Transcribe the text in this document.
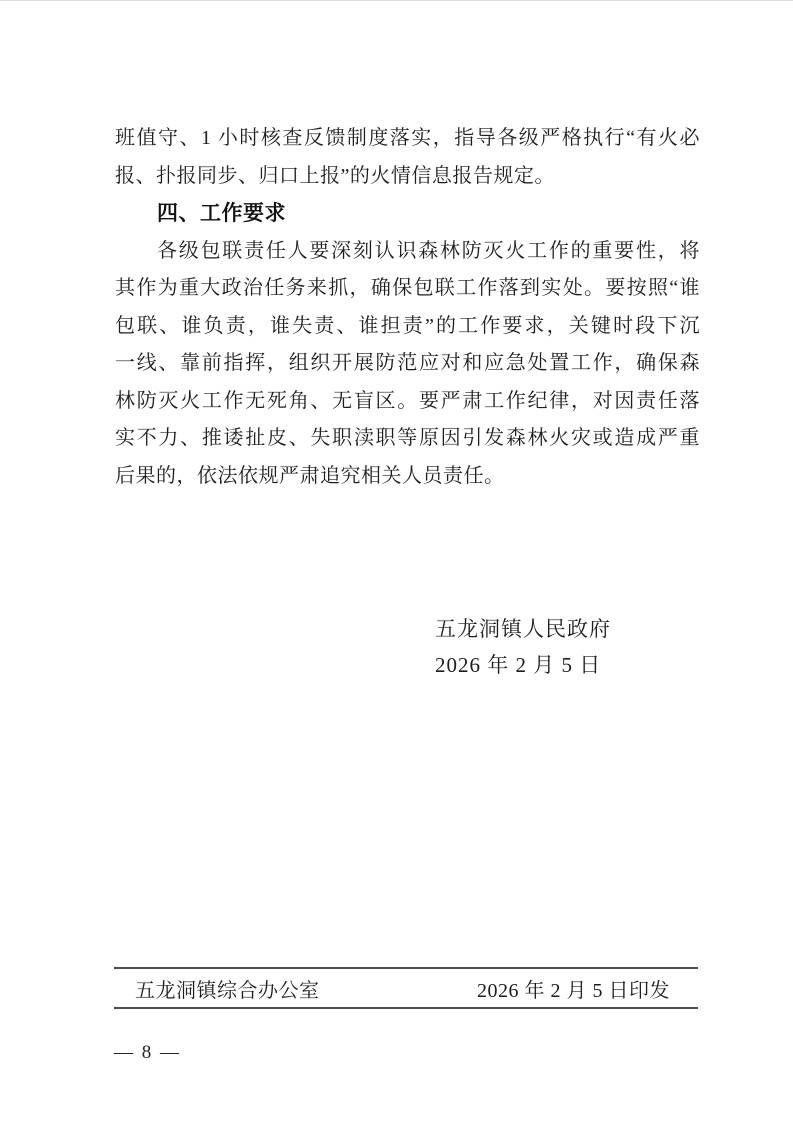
班值守、1 小时核查反馈制度落实，指导各级严格执行“有火必
报、扑报同步、归口上报”的火情信息报告规定。
四、工作要求
各级包联责任人要深刻认识森林防灭火工作的重要性，将
其作为重大政治任务来抓，确保包联工作落到实处。要按照“谁
包联、谁负责，谁失责、谁担责”的工作要求，关键时段下沉
一线、靠前指挥，组织开展防范应对和应急处置工作，确保森
林防灭火工作无死角、无盲区。要严肃工作纪律，对因责任落
实不力、推诿扯皮、失职渎职等原因引发森林火灾或造成严重
后果的，依法依规严肃追究相关人员责任。
五龙洞镇人民政府
2026 年 2 月 5 日
五龙洞镇综合办公室	2026 年 2 月 5 日印发
— 8 —
